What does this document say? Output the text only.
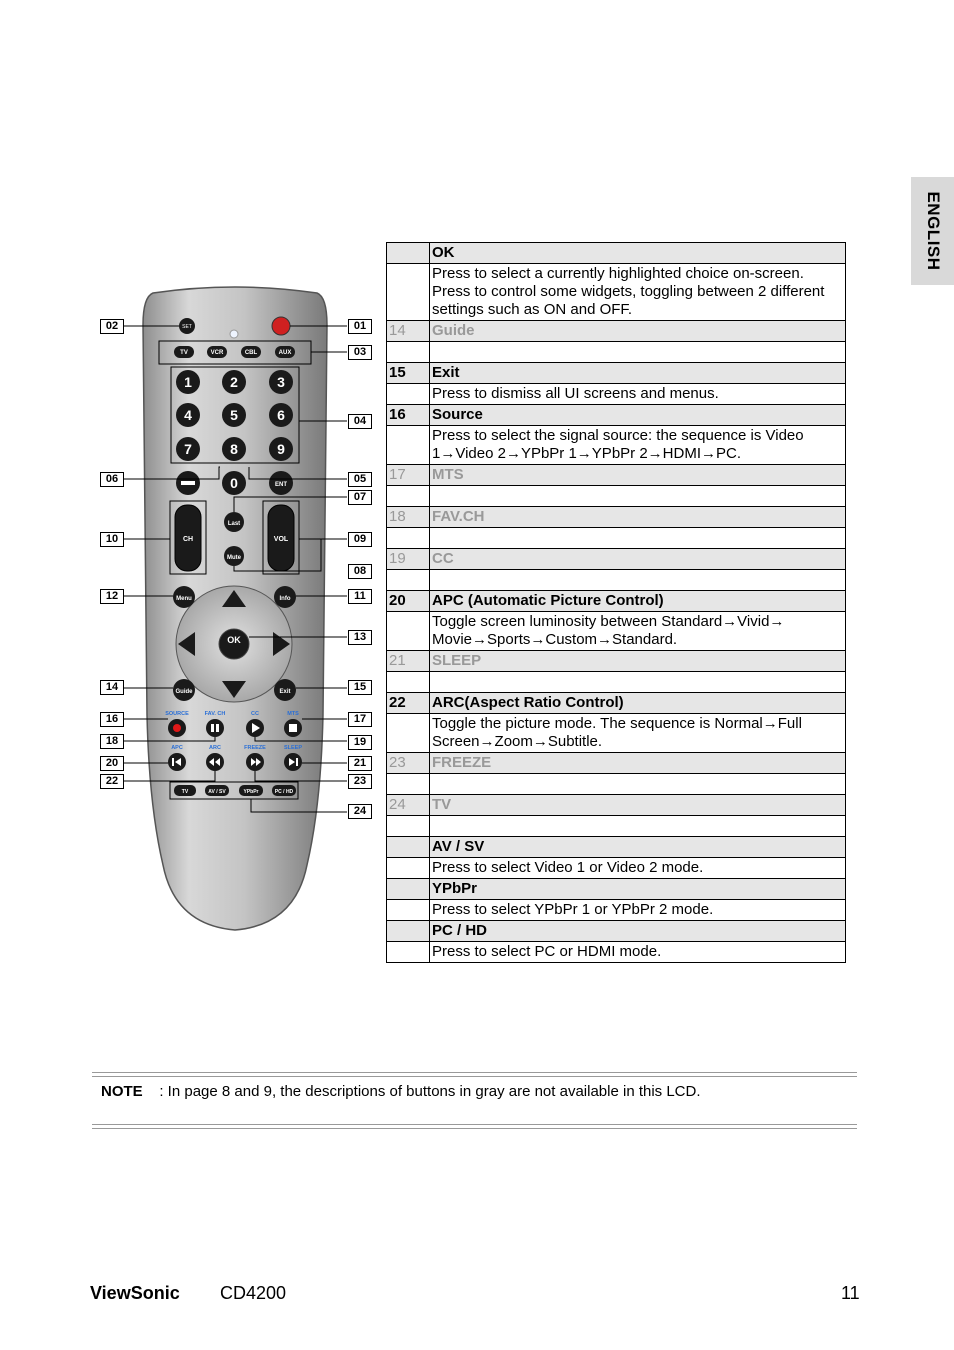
ENGLISH
SET
TV	VCR	CBL	AUX
1	2	3
4	5	6
7	8	9
0	ENT
CH	VOL
Last
Mute
OK
Menu	Info
Guide	Exit
SOURCE	FAV. CH	CC	MTS
APC	ARC	FREEZE	SLEEP
TV	AV / SV	YPbPr	PC / HD
02	01
03
04
06	05
07
10	09
08
12	11
13
14	15
16	17
18	19
20	21
22	23
24
	OK
	Press to select a currently highlighted choice on-screen. Press to control some widgets, toggling between 2 different settings such as ON and OFF.
14	Guide

15	Exit
	Press to dismiss all UI screens and menus.
16	Source
	Press to select the signal source: the sequence is Video 1→Video 2→YPbPr 1→YPbPr 2→HDMI→PC.
17	MTS

18	FAV.CH

19	CC

20	APC (Automatic Picture Control)
	Toggle screen luminosity between Standard→Vivid→ Movie→Sports→Custom→Standard.
21	SLEEP

22	ARC(Aspect Ratio Control)
	Toggle the picture mode. The sequence is Normal→Full Screen→Zoom→Subtitle.
23	FREEZE

24	TV

	AV / SV
	Press to select Video 1 or Video 2 mode.
	YPbPr
	Press to select YPbPr 1 or YPbPr 2 mode.
	PC / HD
	Press to select PC or HDMI mode.
NOTE : In page 8 and 9, the descriptions of buttons in gray are not available in this LCD.
ViewSonic CD4200	11
